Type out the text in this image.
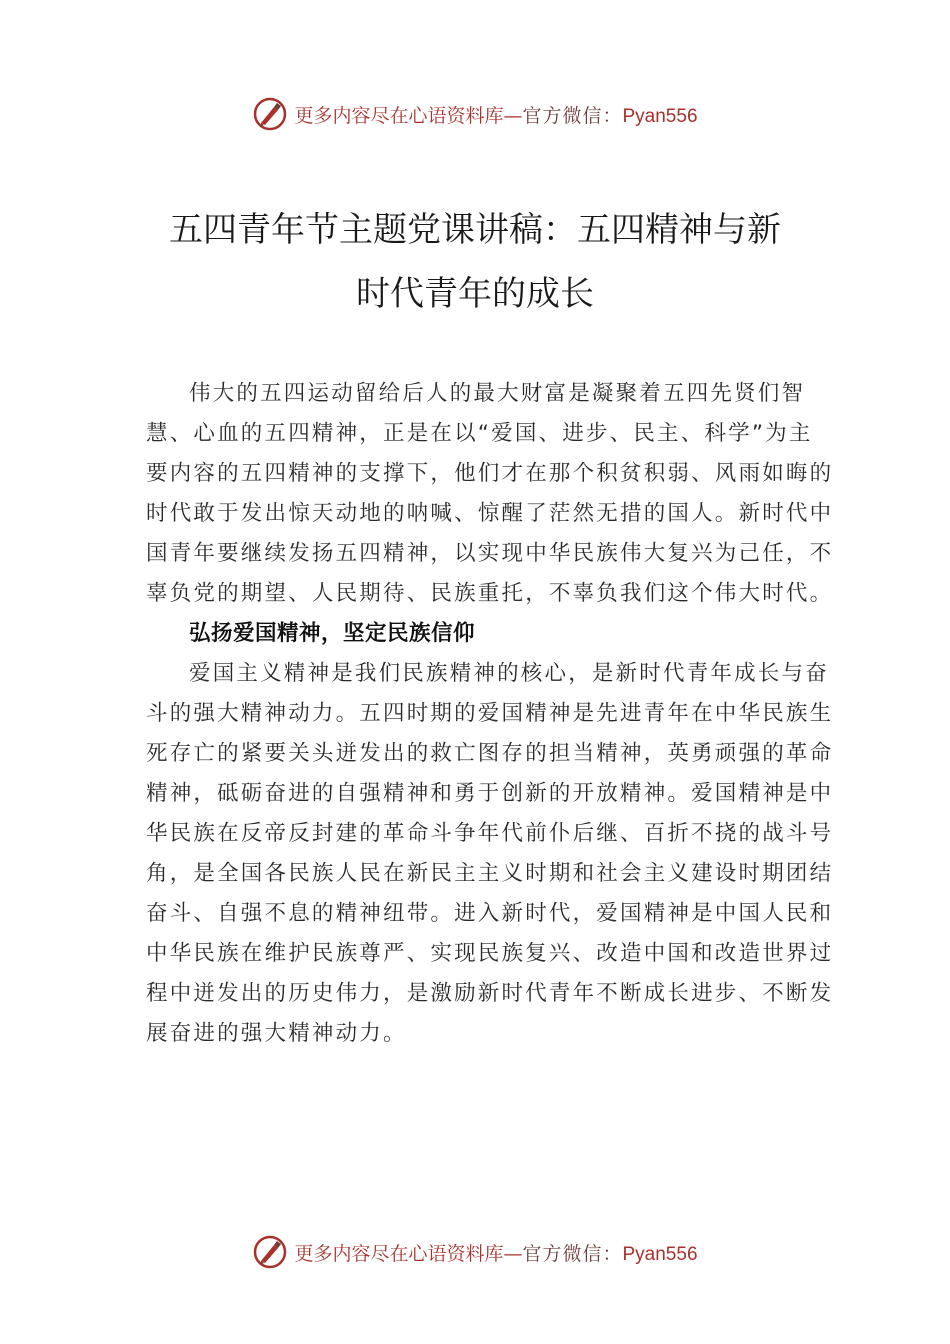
更多内容尽在心语资料库—官方微信：Pyan556
五四青年节主题党课讲稿：五四精神与新
时代青年的成长

伟大的五四运动留给后人的最大财富是凝聚着五四先贤们智慧、心血的五四精神，正是在以“爱国、进步、民主、科学”为主要内容的五四精神的支撑下，他们才在那个积贫积弱、风雨如晦的时代敢于发出惊天动地的呐喊、惊醒了茫然无措的国人。新时代中国青年要继续发扬五四精神，以实现中华民族伟大复兴为己任，不辜负党的期望、人民期待、民族重托，不辜负我们这个伟大时代。

弘扬爱国精神，坚定民族信仰

爱国主义精神是我们民族精神的核心，是新时代青年成长与奋斗的强大精神动力。五四时期的爱国精神是先进青年在中华民族生死存亡的紧要关头迸发出的救亡图存的担当精神，英勇顽强的革命精神，砥砺奋进的自强精神和勇于创新的开放精神。爱国精神是中华民族在反帝反封建的革命斗争年代前仆后继、百折不挠的战斗号角，是全国各民族人民在新民主主义时期和社会主义建设时期团结奋斗、自强不息的精神纽带。进入新时代，爱国精神是中国人民和中华民族在维护民族尊严、实现民族复兴、改造中国和改造世界过程中迸发出的历史伟力，是激励新时代青年不断成长进步、不断发展奋进的强大精神动力。

更多内容尽在心语资料库—官方微信：Pyan556
